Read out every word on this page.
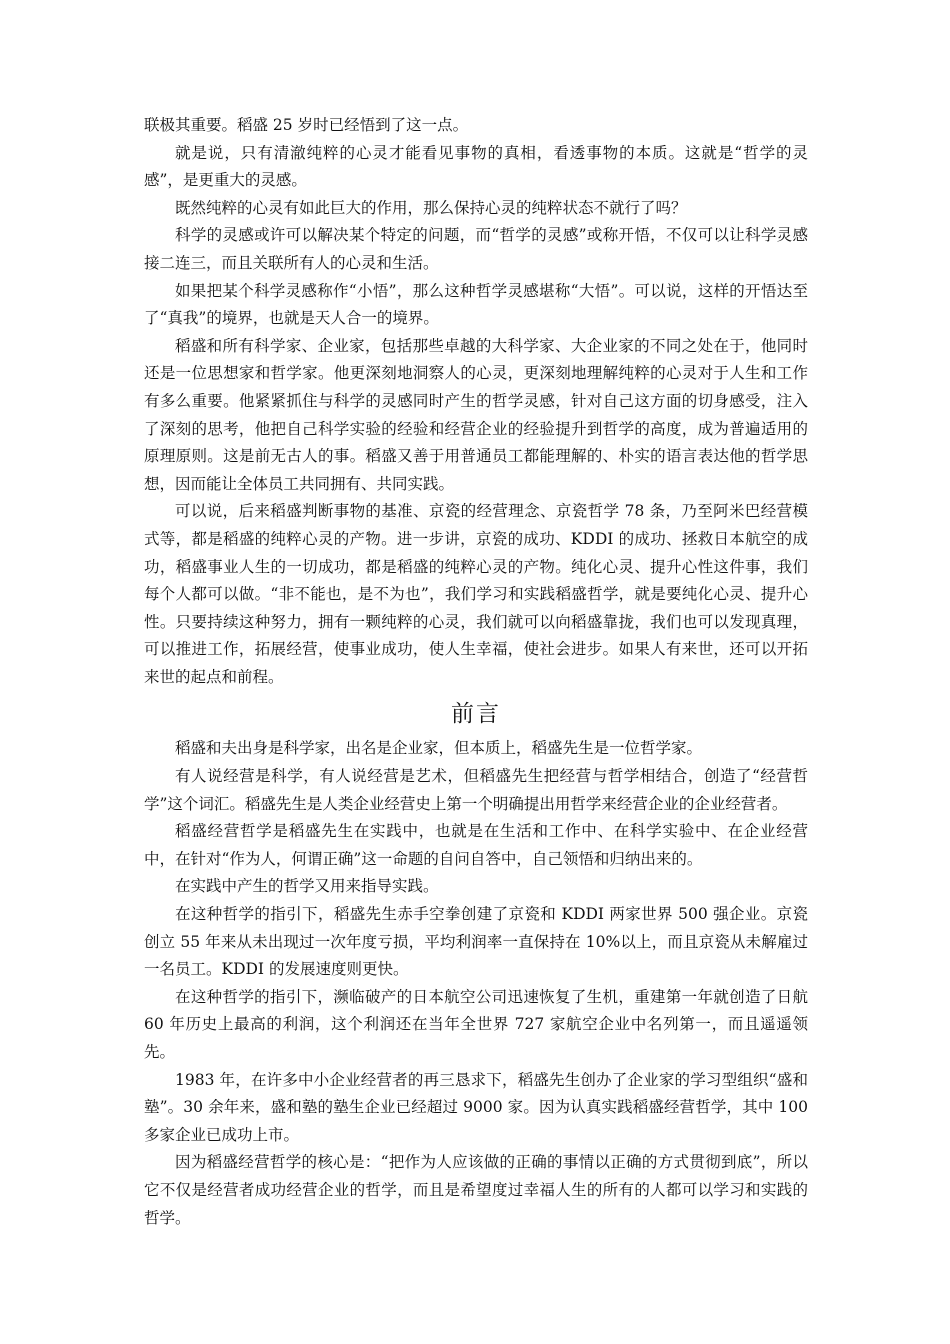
联极其重要。稻盛 25 岁时已经悟到了这一点。

就是说，只有清澈纯粹的心灵才能看见事物的真相，看透事物的本质。这就是“哲学的灵感”，是更重大的灵感。

既然纯粹的心灵有如此巨大的作用，那么保持心灵的纯粹状态不就行了吗？

科学的灵感或许可以解决某个特定的问题，而“哲学的灵感”或称开悟，不仅可以让科学灵感接二连三，而且关联所有人的心灵和生活。

如果把某个科学灵感称作“小悟”，那么这种哲学灵感堪称“大悟”。可以说，这样的开悟达至了“真我”的境界，也就是天人合一的境界。

稻盛和所有科学家、企业家，包括那些卓越的大科学家、大企业家的不同之处在于，他同时还是一位思想家和哲学家。他更深刻地洞察人的心灵，更深刻地理解纯粹的心灵对于人生和工作有多么重要。他紧紧抓住与科学的灵感同时产生的哲学灵感，针对自己这方面的切身感受，注入了深刻的思考，他把自己科学实验的经验和经营企业的经验提升到哲学的高度，成为普遍适用的原理原则。这是前无古人的事。稻盛又善于用普通员工都能理解的、朴实的语言表达他的哲学思想，因而能让全体员工共同拥有、共同实践。

可以说，后来稻盛判断事物的基准、京瓷的经营理念、京瓷哲学 78 条，乃至阿米巴经营模式等，都是稻盛的纯粹心灵的产物。进一步讲，京瓷的成功、KDDI 的成功、拯救日本航空的成功，稻盛事业人生的一切成功，都是稻盛的纯粹心灵的产物。纯化心灵、提升心性这件事，我们每个人都可以做。“非不能也，是不为也”，我们学习和实践稻盛哲学，就是要纯化心灵、提升心性。只要持续这种努力，拥有一颗纯粹的心灵，我们就可以向稻盛靠拢，我们也可以发现真理，可以推进工作，拓展经营，使事业成功，使人生幸福，使社会进步。如果人有来世，还可以开拓来世的起点和前程。

前言

稻盛和夫出身是科学家，出名是企业家，但本质上，稻盛先生是一位哲学家。

有人说经营是科学，有人说经营是艺术，但稻盛先生把经营与哲学相结合，创造了“经营哲学”这个词汇。稻盛先生是人类企业经营史上第一个明确提出用哲学来经营企业的企业经营者。

稻盛经营哲学是稻盛先生在实践中，也就是在生活和工作中、在科学实验中、在企业经营中，在针对“作为人，何谓正确”这一命题的自问自答中，自己领悟和归纳出来的。

在实践中产生的哲学又用来指导实践。

在这种哲学的指引下，稻盛先生赤手空拳创建了京瓷和 KDDI 两家世界 500 强企业。京瓷创立 55 年来从未出现过一次年度亏损，平均利润率一直保持在 10%以上，而且京瓷从未解雇过一名员工。KDDI 的发展速度则更快。

在这种哲学的指引下，濒临破产的日本航空公司迅速恢复了生机，重建第一年就创造了日航 60 年历史上最高的利润，这个利润还在当年全世界 727 家航空企业中名列第一，而且遥遥领先。

1983 年，在许多中小企业经营者的再三恳求下，稻盛先生创办了企业家的学习型组织“盛和塾”。30 余年来，盛和塾的塾生企业已经超过 9000 家。因为认真实践稻盛经营哲学，其中 100 多家企业已成功上市。

因为稻盛经营哲学的核心是：“把作为人应该做的正确的事情以正确的方式贯彻到底”，所以它不仅是经营者成功经营企业的哲学，而且是希望度过幸福人生的所有的人都可以学习和实践的哲学。
